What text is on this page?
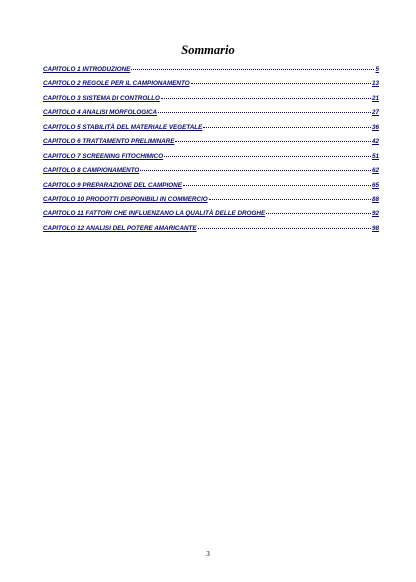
Sommario
CAPITOLO 1 INTRODUZIONE	5
CAPITOLO 2 REGOLE PER IL CAMPIONAMENTO	13
CAPITOLO 3 SISTEMA DI CONTROLLO	21
CAPITOLO 4 ANALISI MORFOLOGICA	27
CAPITOLO 5 STABILITÀ DEL MATERIALE VEGETALE	36
CAPITOLO 6 TRATTAMENTO PRELIMINARE	42
CAPITOLO 7 SCREENING FITOCHIMICO	51
CAPITOLO 8 CAMPIONAMENTO	62
CAPITOLO 9 PREPARAZIONE DEL CAMPIONE	65
CAPITOLO 10 PRODOTTI DISPONIBILI IN COMMERCIO	88
CAPITOLO 11 FATTORI CHE INFLUENZANO LA QUALITÀ DELLE DROGHE	92
CAPITOLO 12 ANALISI DEL POTERE AMARICANTE	98
3
